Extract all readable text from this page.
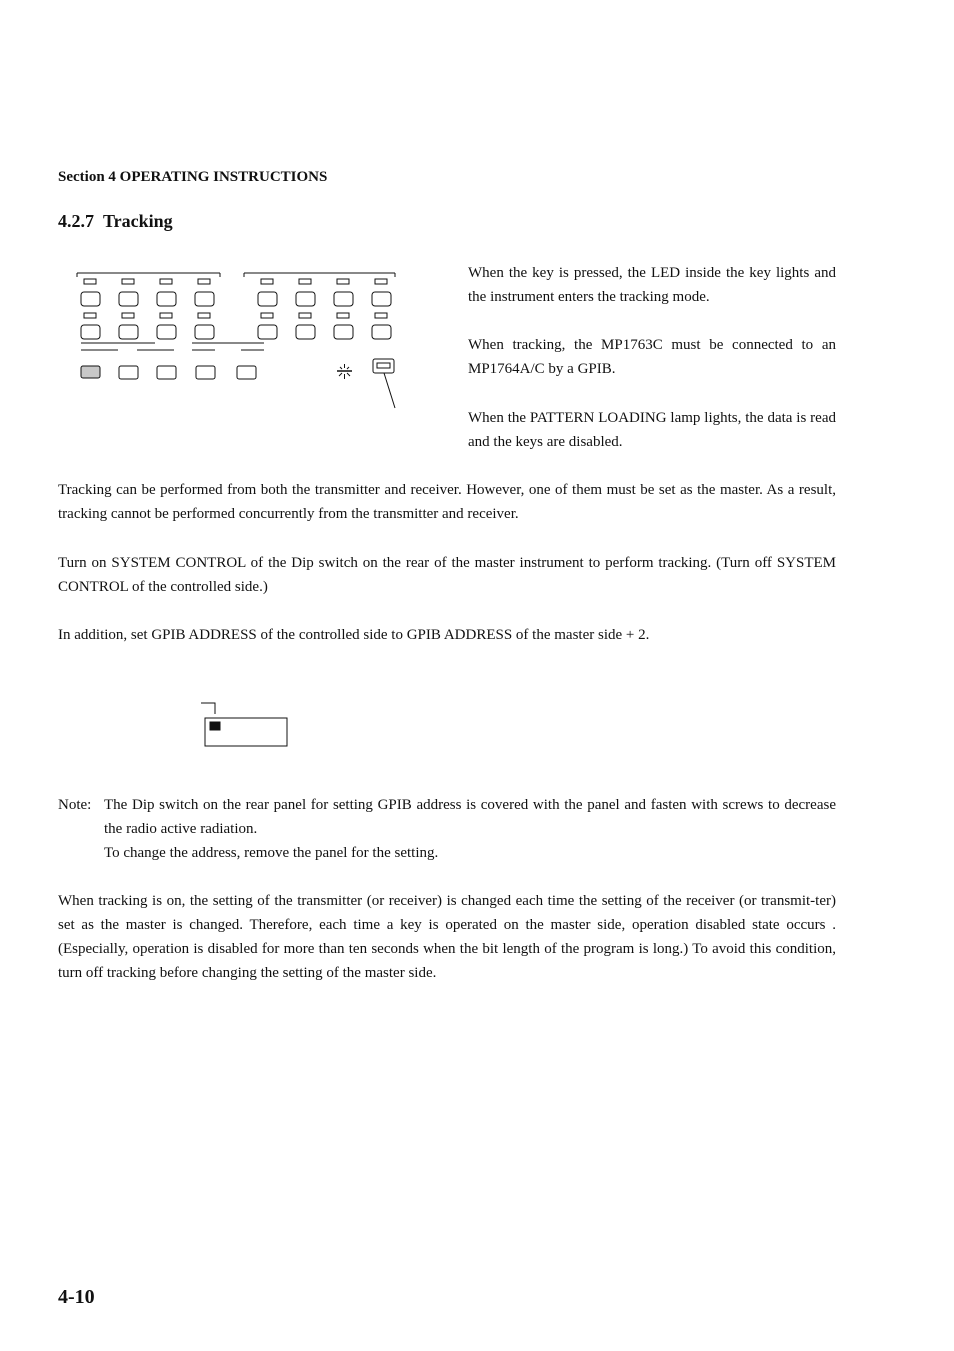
Section 4 OPERATING INSTRUCTIONS
4.2.7 Tracking
When the key is pressed, the LED inside the key lights and the instrument enters the tracking mode.
When tracking, the MP1763C must be connected to an MP1764A/C by a GPIB.
When the PATTERN LOADING lamp lights, the data is read and the keys are disabled.
Tracking can be performed from both the transmitter and receiver. However, one of them must be set as the master. As a result, tracking cannot be performed concurrently from the transmitter and receiver.
Turn on SYSTEM CONTROL of the Dip switch on the rear of the master instrument to perform tracking. (Turn off SYSTEM CONTROL of the controlled side.)
In addition, set GPIB ADDRESS of the controlled side to GPIB ADDRESS of the master side + 2.
Note: The Dip switch on the rear panel for setting GPIB address is covered with the panel and fasten with screws to decrease the radio active radiation.
To change the address, remove the panel for the setting.
When tracking is on, the setting of the transmitter (or receiver) is changed each time the setting of the receiver (or transmit-ter) set as the master is changed. Therefore, each time a key is operated on the master side, operation disabled state occurs . (Especially, operation is disabled for more than ten seconds when the bit length of the program is long.) To avoid this condition, turn off tracking before changing the setting of the master side.
4-10
